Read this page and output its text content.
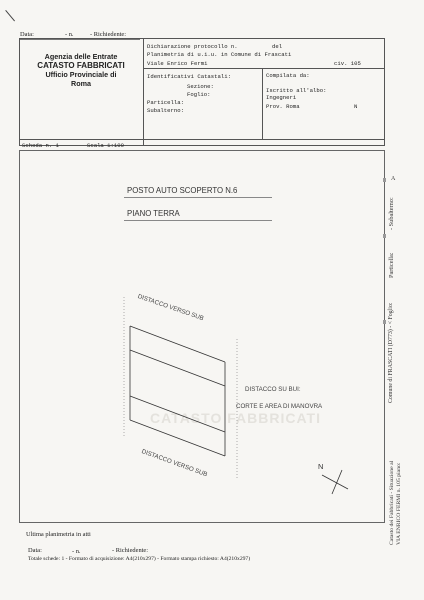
Data:	- n.	- Richiedente:
Agenzia delle Entrate
CATASTO FABBRICATI
Ufficio Provinciale di
Roma
Dichiarazione protocollo n.	del
Planimetria di u.i.u. in Comune di Frascati
Viale Enrico Fermi	civ. 105
Identificativi Catastali:
Sezione:
Foglio:
Particella:
Subalterno:
Compilata da:
Iscritto all'albo:
Ingegneri
Prov. Roma	N
Scheda n. 1	Scala 1:100
POSTO AUTO SCOPERTO N.6
PIANO TERRA
CATASTO FABBRICATI
DISTACCO VERSO SUB
DISTACCO VERSO SUB
DISTACCO SU BUI:
CORTE E AREA DI MANOVRA
N
A
- Subalterno:
Particella:
Comune di FRASCATI (D773) - < Foglio:
Catasto dei Fabbricati - Situazione al VIA ENRICO FERMI n. 105 piano:
Ultima planimetria in atti
Data:	- n.	- Richiedente:
Totale schede: 1 - Formato di acquisizione: A4(210x297) - Formato stampa richiesto: A4(210x297)
